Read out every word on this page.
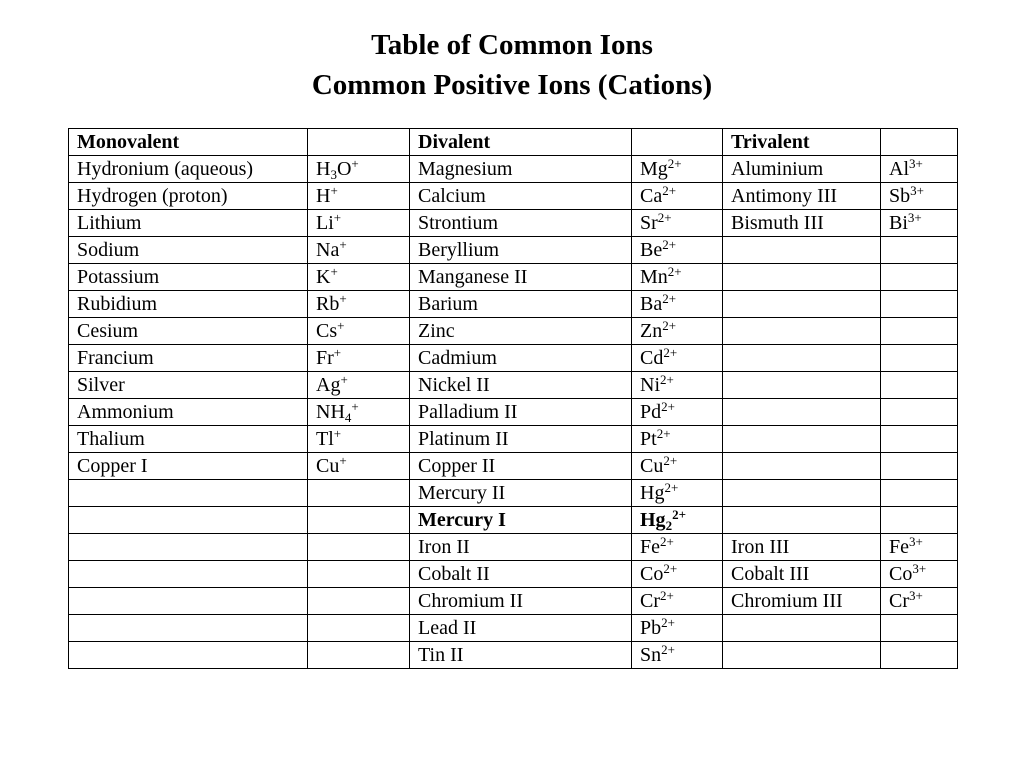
Table of Common Ions
Common Positive Ions (Cations)
Monovalent		Divalent		Trivalent	
Hydronium (aqueous)	$H_3O^+$	Magnesium	$Mg^{2+}$	Aluminium	$Al^{3+}$
Hydrogen (proton)	H+	Calcium	$Ca^{2+}$	Antimony III	$Sb^{3+}$
Lithium	Li+	Strontium	$Sr^{2+}$	Bismuth III	$Bi^{3+}$
Sodium	Na+	Beryllium	$Be^{2+}$		
Potassium	K+	Manganese II	$Mn^{2+}$		
Rubidium	Rb+	Barium	$Ba^{2+}$		
Cesium	Cs+	Zinc	$Zn^{2+}$		
Francium	Fr+	Cadmium	$Cd^{2+}$		
Silver	Ag+	Nickel II	$Ni^{2+}$		
Ammonium	$NH_4^+$	Palladium II	$Pd^{2+}$		
Thalium	Tl+	Platinum II	$Pt^{2+}$		
Copper I	Cu+	Copper II	$Cu^{2+}$		
		Mercury II	$Hg^{2+}$		
		Mercury I	$Hg_2^{2+}$		
		Iron II	$Fe^{2+}$	Iron III	$Fe^{3+}$
		Cobalt II	$Co^{2+}$	Cobalt III	$Co^{3+}$
		Chromium II	$Cr^{2+}$	Chromium III	$Cr^{3+}$
		Lead II	$Pb^{2+}$		
		Tin II	$Sn^{2+}$		
